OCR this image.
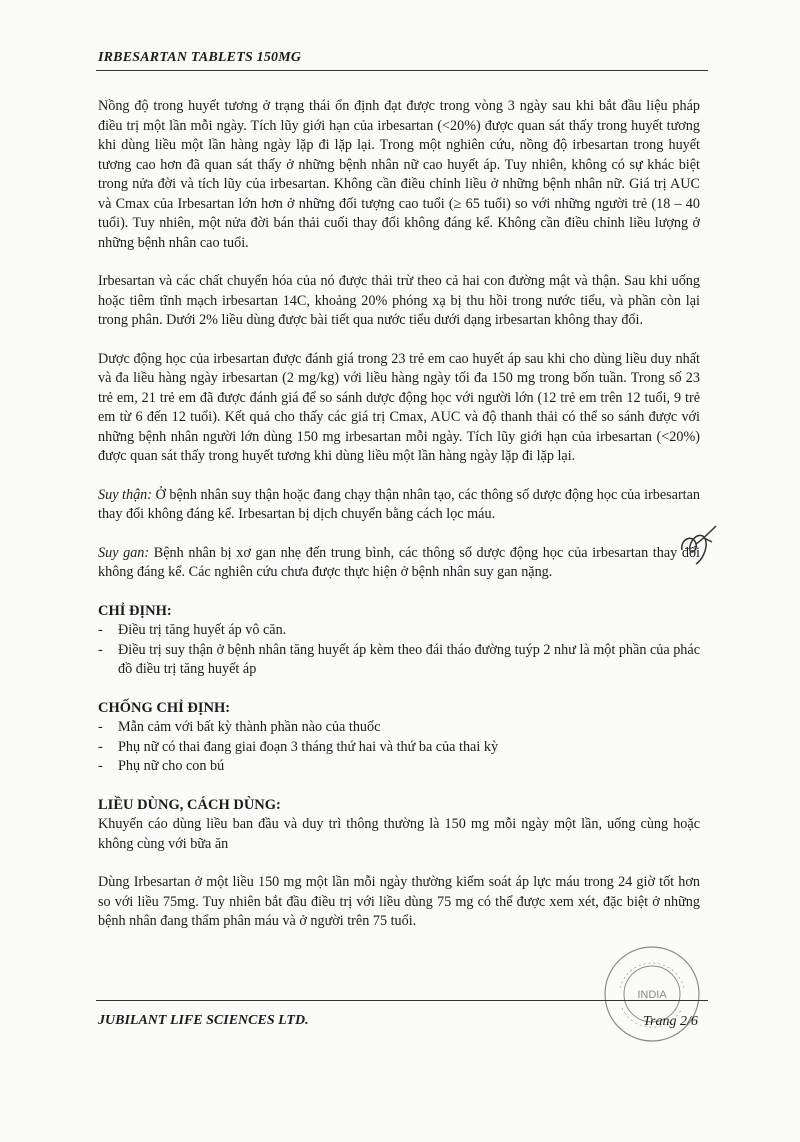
IRBESARTAN TABLETS 150MG

Nồng độ trong huyết tương ở trạng thái ổn định đạt được trong vòng 3 ngày sau khi bắt đầu liệu pháp điều trị một lần mỗi ngày. Tích lũy giới hạn của irbesartan (<20%) được quan sát thấy trong huyết tương khi dùng liều một lần hàng ngày lặp đi lặp lại. Trong một nghiên cứu, nồng độ irbesartan trong huyết tương cao hơn đã quan sát thấy ở những bệnh nhân nữ cao huyết áp. Tuy nhiên, không có sự khác biệt trong nửa đời và tích lũy của irbesartan. Không cần điều chỉnh liều ở những bệnh nhân nữ. Giá trị AUC và Cmax của Irbesartan lớn hơn ở những đối tượng cao tuổi (≥ 65 tuổi) so với những người trẻ (18 – 40 tuổi). Tuy nhiên, một nửa đời bán thải cuối thay đổi không đáng kể. Không cần điều chỉnh liều lượng ở những bệnh nhân cao tuổi.

Irbesartan và các chất chuyển hóa của nó được thải trừ theo cả hai con đường mật và thận. Sau khi uống hoặc tiêm tĩnh mạch irbesartan 14C, khoảng 20% phóng xạ bị thu hồi trong nước tiểu, và phần còn lại trong phân. Dưới 2% liều dùng được bài tiết qua nước tiểu dưới dạng irbesartan không thay đổi.

Dược động học của irbesartan được đánh giá trong 23 trẻ em cao huyết áp sau khi cho dùng liều duy nhất và đa liều hàng ngày irbesartan (2 mg/kg) với liều hàng ngày tối đa 150 mg trong bốn tuần. Trong số 23 trẻ em, 21 trẻ em đã được đánh giá để so sánh dược động học với người lớn (12 trẻ em trên 12 tuổi, 9 trẻ em từ 6 đến 12 tuổi). Kết quả cho thấy các giá trị Cmax, AUC và độ thanh thải có thể so sánh được với những bệnh nhân người lớn dùng 150 mg irbesartan mỗi ngày. Tích lũy giới hạn của irbesartan (<20%) được quan sát thấy trong huyết tương khi dùng liều một lần hàng ngày lặp đi lặp lại.

Suy thận: Ở bệnh nhân suy thận hoặc đang chạy thận nhân tạo, các thông số dược động học của irbesartan thay đổi không đáng kể. Irbesartan bị dịch chuyển bằng cách lọc máu.

Suy gan: Bệnh nhân bị xơ gan nhẹ đến trung bình, các thông số dược động học của irbesartan thay đổi không đáng kể. Các nghiên cứu chưa được thực hiện ở bệnh nhân suy gan nặng.

CHỈ ĐỊNH:
- Điều trị tăng huyết áp vô căn.
- Điều trị suy thận ở bệnh nhân tăng huyết áp kèm theo đái tháo đường tuýp 2 như là một phần của phác đồ điều trị tăng huyết áp
CHỐNG CHỈ ĐỊNH:
- Mẫn cảm với bất kỳ thành phần nào của thuốc
- Phụ nữ có thai đang giai đoạn 3 tháng thứ hai và thứ ba của thai kỳ
- Phụ nữ cho con bú
LIỀU DÙNG, CÁCH DÙNG:

Khuyến cáo dùng liều ban đầu và duy trì thông thường là 150 mg mỗi ngày một lần, uống cùng hoặc không cùng với bữa ăn

Dùng Irbesartan ở một liều 150 mg một lần mỗi ngày thường kiểm soát áp lực máu trong 24 giờ tốt hơn so với liều 75mg. Tuy nhiên bắt đầu điều trị với liều dùng 75 mg có thể được xem xét, đặc biệt ở những bệnh nhân đang thẩm phân máu và ở người trên 75 tuổi.

INDIA
JUBILANT LIFE SCIENCES LTD.	Trang 2/6
